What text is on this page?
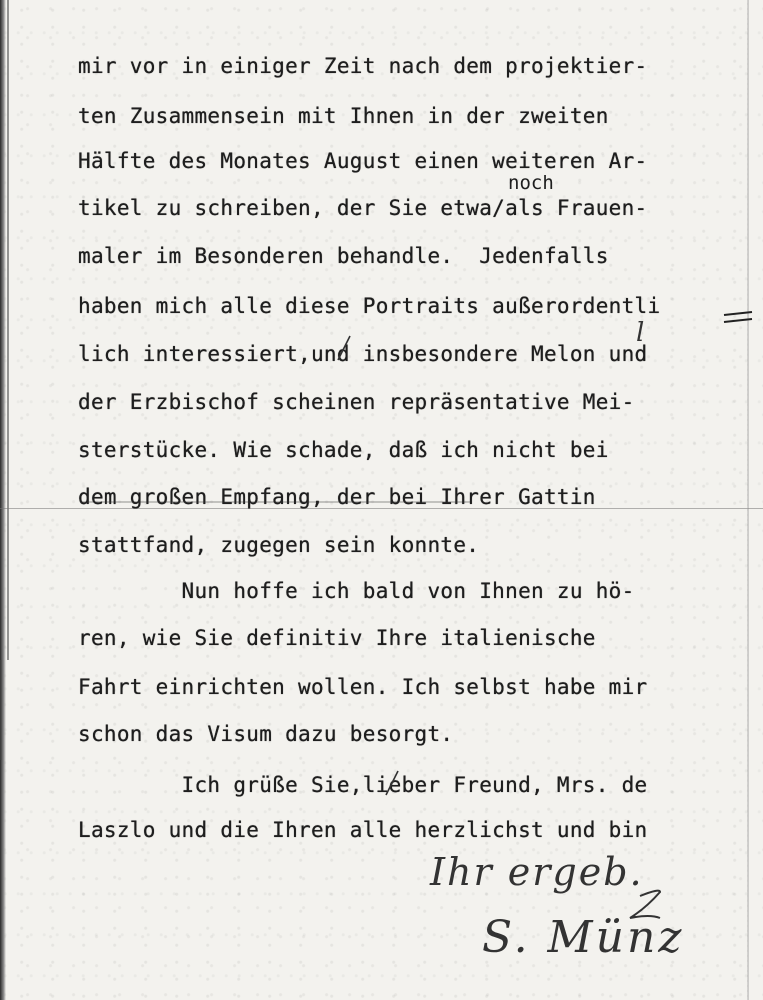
mir vor in einiger Zeit nach dem projektier-
ten Zusammensein mit Ihnen in der zweiten
Hälfte des Monates August einen weiteren Ar-
noch
tikel zu schreiben, der Sie etwa/als Frauen-
maler im Besonderen behandle.  Jedenfalls
haben mich alle diese Portraits außerordentli
lich interessiert,und insbesondere Melon und
l
der Erzbischof scheinen repräsentative Mei-
sterstücke. Wie schade, daß ich nicht bei
dem großen Empfang, der bei Ihrer Gattin
stattfand, zugegen sein konnte.
Nun hoffe ich bald von Ihnen zu hö-
ren, wie Sie definitiv Ihre italienische
Fahrt einrichten wollen. Ich selbst habe mir
schon das Visum dazu besorgt.
Ich grüße Sie,lieber Freund, Mrs. de
Laszlo und die Ihren alle herzlichst und bin
Ihr ergeb.
S. Münz
